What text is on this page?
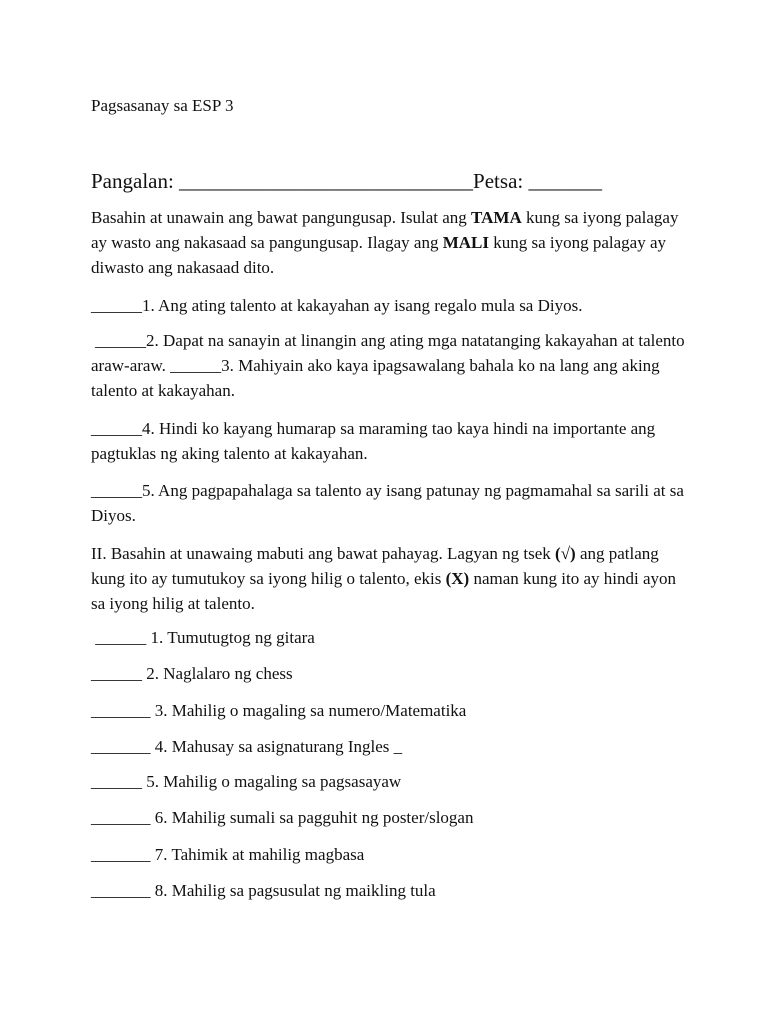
Pagsasanay sa ESP 3
Pangalan: ____________________________Petsa: _______
Basahin at unawain ang bawat pangungusap. Isulat ang TAMA kung sa iyong palagay ay wasto ang nakasaad sa pangungusap. Ilagay ang MALI kung sa iyong palagay ay diwasto ang nakasaad dito.
______1. Ang ating talento at kakayahan ay isang regalo mula sa Diyos.
______2. Dapat na sanayin at linangin ang ating mga natatanging kakayahan at talento araw-araw. ______3. Mahiyain ako kaya ipagsawalang bahala ko na lang ang aking talento at kakayahan.
______4. Hindi ko kayang humarap sa maraming tao kaya hindi na importante ang pagtuklas ng aking talento at kakayahan.
______5. Ang pagpapahalaga sa talento ay isang patunay ng pagmamahal sa sarili at sa Diyos.
II. Basahin at unawaing mabuti ang bawat pahayag. Lagyan ng tsek (√) ang patlang kung ito ay tumutukoy sa iyong hilig o talento, ekis (X) naman kung ito ay hindi ayon sa iyong hilig at talento.
______ 1. Tumutugtog ng gitara
______ 2. Naglalaro ng chess
_______ 3. Mahilig o magaling sa numero/Matematika
_______ 4. Mahusay sa asignaturang Ingles _
______ 5. Mahilig o magaling sa pagsasayaw
_______ 6. Mahilig sumali sa pagguhit ng poster/slogan
_______ 7. Tahimik at mahilig magbasa
_______ 8. Mahilig sa pagsusulat ng maikling tula
